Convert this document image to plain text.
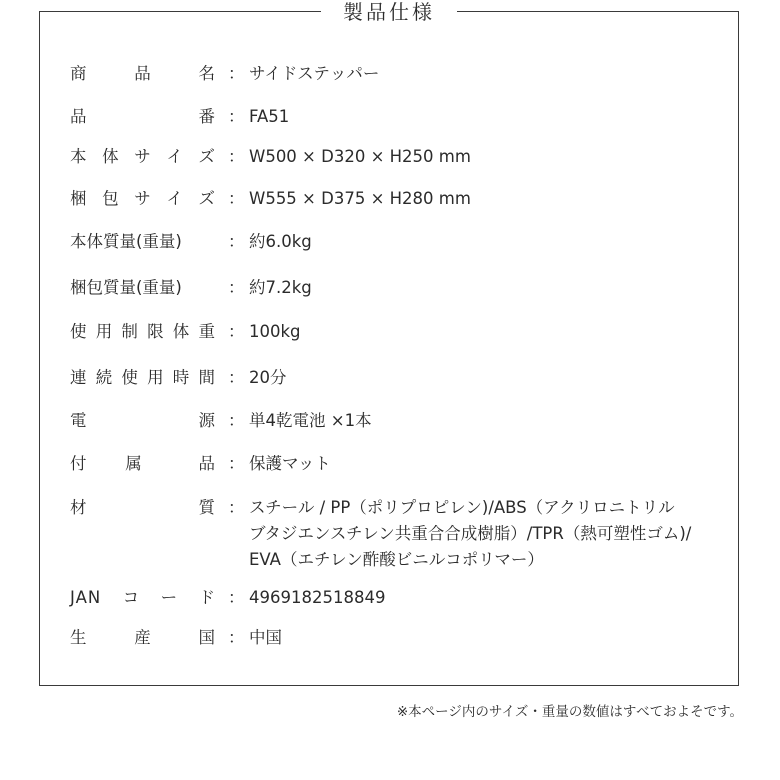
製品仕様
商	品	名 ： サイドステッパー
品	番 ： FA51
本 体 サ イ ズ ： W500 × D320 × H250 mm
梱 包 サ イ ズ ： W555 × D375 × H280 mm
本体質量(重量)	： 約6.0kg
梱包質量(重量)	： 約7.2kg
使 用 制 限 体 重 ： 100kg
連 続 使 用 時 間 ： 20分
電	源 ： 単4乾電池 ×1本
付 属	品 ： 保護マット
材	質 ： スチール / PP（ポリプロピレン)/ABS（アクリロニトリル
ブタジエンスチレン共重合合成樹脂）/TPR（熱可塑性ゴム)/
EVA（エチレン酢酸ビニルコポリマー）
JAN コ ー ド ： 4969182518849
生	産	国 ： 中国
※本ページ内のサイズ・重量の数値はすべておよそです。
